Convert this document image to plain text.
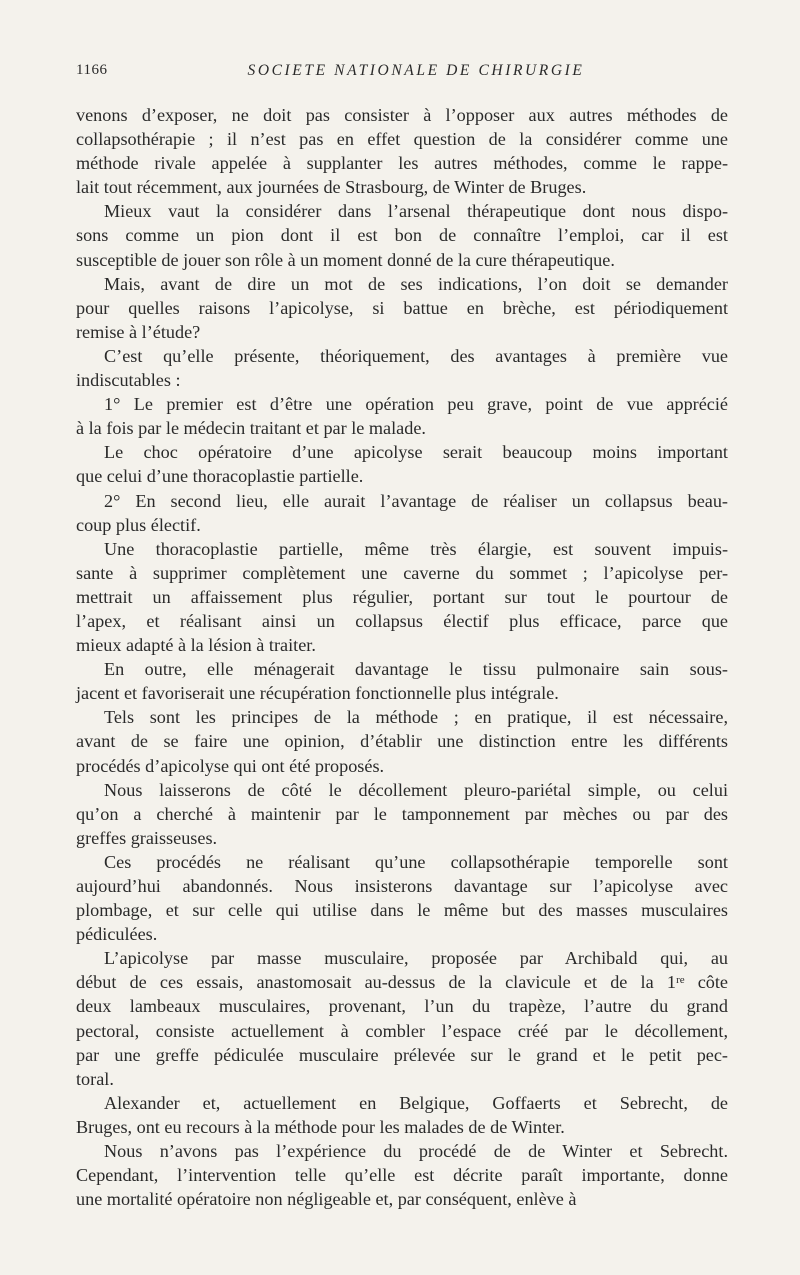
1166	SOCIETE NATIONALE DE CHIRURGIE

venons d’exposer, ne doit pas consister à l’opposer aux autres méthodes de
collapsothérapie ; il n’est pas en effet question de la considérer comme une
méthode rivale appelée à supplanter les autres méthodes, comme le rappe-
lait tout récemment, aux journées de Strasbourg, de Winter de Bruges.

Mieux vaut la considérer dans l’arsenal thérapeutique dont nous dispo-
sons comme un pion dont il est bon de connaître l’emploi, car il est
susceptible de jouer son rôle à un moment donné de la cure thérapeutique.

Mais, avant de dire un mot de ses indications, l’on doit se demander
pour quelles raisons l’apicolyse, si battue en brèche, est périodiquement
remise à l’étude?

C’est qu’elle présente, théoriquement, des avantages à première vue
indiscutables :

1° Le premier est d’être une opération peu grave, point de vue apprécié
à la fois par le médecin traitant et par le malade.

Le choc opératoire d’une apicolyse serait beaucoup moins important
que celui d’une thoracoplastie partielle.

2° En second lieu, elle aurait l’avantage de réaliser un collapsus beau-
coup plus électif.

Une thoracoplastie partielle, même très élargie, est souvent impuis-
sante à supprimer complètement une caverne du sommet ; l’apicolyse per-
mettrait un affaissement plus régulier, portant sur tout le pourtour de
l’apex, et réalisant ainsi un collapsus électif plus efficace, parce que
mieux adapté à la lésion à traiter.

En outre, elle ménagerait davantage le tissu pulmonaire sain sous-
jacent et favoriserait une récupération fonctionnelle plus intégrale.

Tels sont les principes de la méthode ; en pratique, il est nécessaire,
avant de se faire une opinion, d’établir une distinction entre les différents
procédés d’apicolyse qui ont été proposés.

Nous laisserons de côté le décollement pleuro-pariétal simple, ou celui
qu’on a cherché à maintenir par le tamponnement par mèches ou par des
greffes graisseuses.

Ces procédés ne réalisant qu’une collapsothérapie temporelle sont
aujourd’hui abandonnés. Nous insisterons davantage sur l’apicolyse avec
plombage, et sur celle qui utilise dans le même but des masses musculaires
pédiculées.

L’apicolyse par masse musculaire, proposée par Archibald qui, au
début de ces essais, anastomosait au-dessus de la clavicule et de la 1ʳᵉ côte
deux lambeaux musculaires, provenant, l’un du trapèze, l’autre du grand
pectoral, consiste actuellement à combler l’espace créé par le décollement,
par une greffe pédiculée musculaire prélevée sur le grand et le petit pec-
toral.

Alexander et, actuellement en Belgique, Goffaerts et Sebrecht, de
Bruges, ont eu recours à la méthode pour les malades de de Winter.

Nous n’avons pas l’expérience du procédé de de Winter et Sebrecht.
Cependant, l’intervention telle qu’elle est décrite paraît importante, donne
une mortalité opératoire non négligeable et, par conséquent, enlève à
